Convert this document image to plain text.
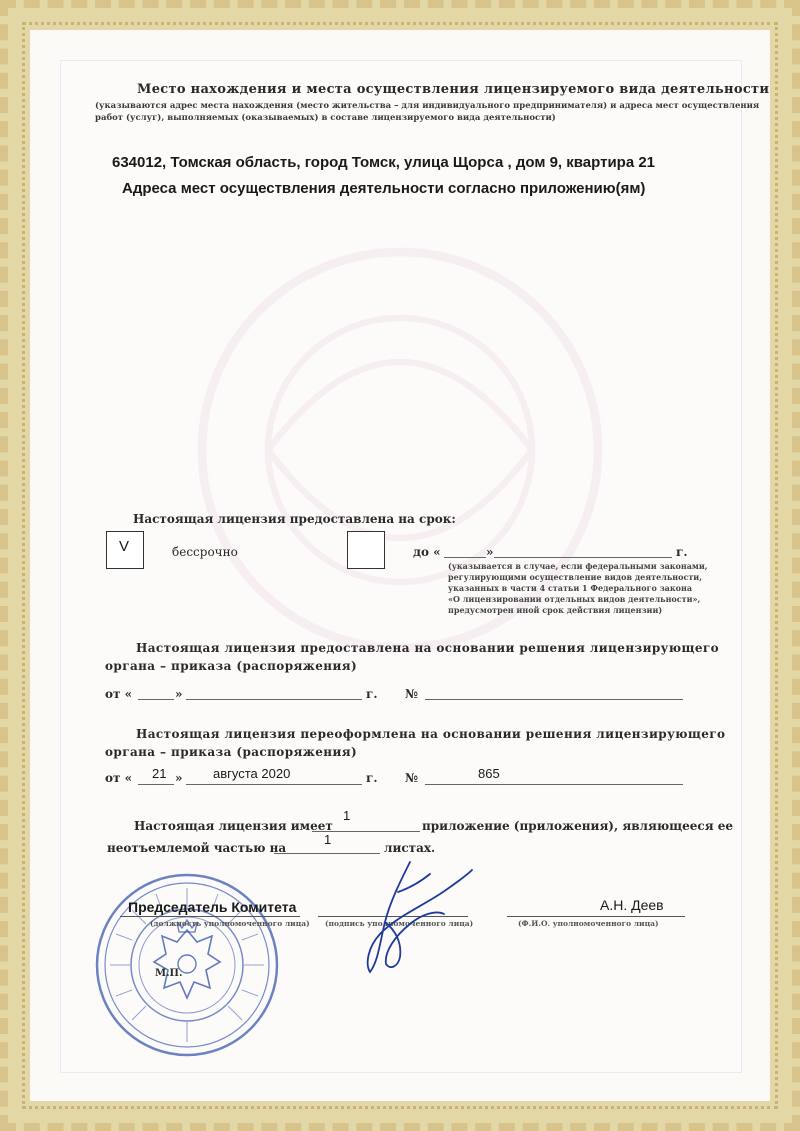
Место нахождения и места осуществления лицензируемого вида деятельности
(указываются адрес места нахождения (место жительства – для индивидуального предпринимателя) и адреса мест осуществления
работ (услуг), выполняемых (оказываемых) в составе лицензируемого вида деятельности)
634012, Томская область, город Томск, улица Щорса , дом 9, квартира 21
Адреса мест осуществления деятельности согласно приложению(ям)
Настоящая лицензия предоставлена на срок:
V	бессрочно	до «	»	г.
(указывается в случае, если федеральными законами,
регулирующими осуществление видов деятельности,
указанных в части 4 статьи 1 Федерального закона
«О лицензировании отдельных видов деятельности»,
предусмотрен иной срок действия лицензии)
Настоящая лицензия предоставлена на основании решения лицензирующего
органа – приказа (распоряжения)
от «	»	г. №
Настоящая лицензия переоформлена на основании решения лицензирующего
органа – приказа (распоряжения)
от « 21 » августа 2020	г. №	865
Настоящая лицензия имеет
1
приложение (приложения), являющееся ее
неотъемлемой частью на
1
листах.
Председатель Комитета
(должность уполномоченного лица) (подпись уполномоченного лица)
А.Н. Деев
(Ф.И.О. уполномоченного лица)
М.П.
